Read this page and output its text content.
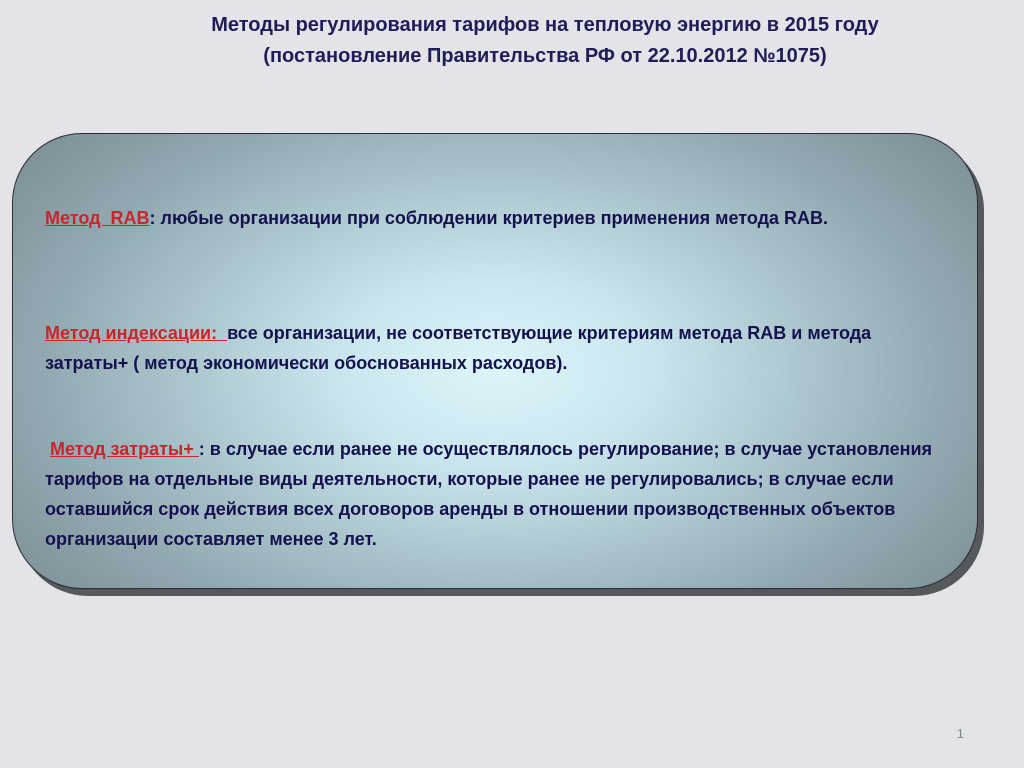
Методы регулирования тарифов на тепловую энергию в 2015 году
(постановление Правительства РФ от 22.10.2012 №1075)
Метод  RAB: любые организации при соблюдении критериев применения метода RAB.
Метод индексации:  все организации, не соответствующие критериям метода RAB и метода затраты+ ( метод экономически обоснованных расходов).
Метод затраты+ : в случае если ранее не осуществлялось регулирование; в случае установления тарифов на отдельные виды деятельности, которые ранее не регулировались; в случае если оставшийся срок действия всех договоров аренды в отношении производственных объектов организации составляет менее 3 лет.
1
